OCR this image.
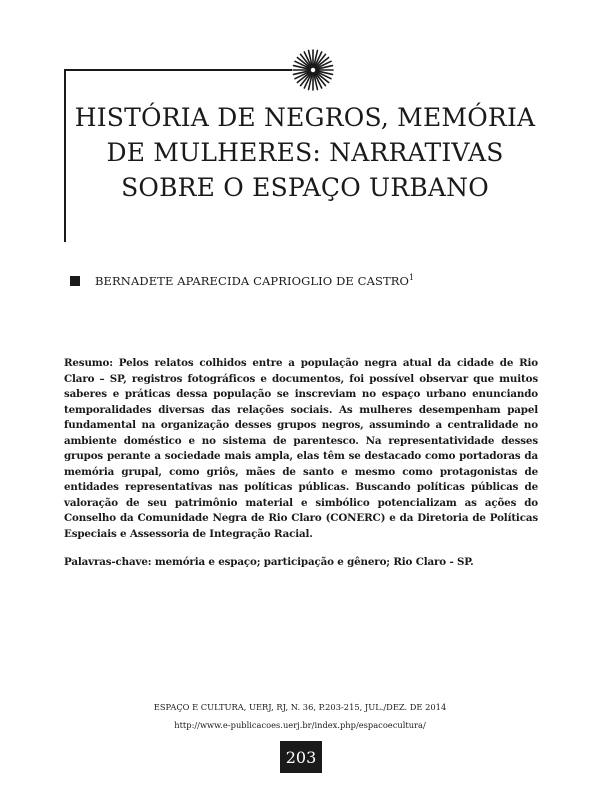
HISTÓRIA DE NEGROS, MEMÓRIA
DE MULHERES: NARRATIVAS
SOBRE O ESPAÇO URBANO
BERNADETE APARECIDA CAPRIOGLIO DE CASTRO$^1$

Resumo: Pelos relatos colhidos entre a população negra atual da cidade de Rio Claro – SP, registros fotográficos e documentos, foi possível observar que muitos saberes e práticas dessa população se inscreviam no espaço urbano enunciando temporalidades diversas das relações sociais. As mulheres desempenham papel fundamental na organização desses grupos negros, assumindo a centralidade no ambiente doméstico e no sistema de parentesco. Na representatividade desses grupos perante a sociedade mais ampla, elas têm se destacado como portadoras da memória grupal, como griôs, mães de santo e mesmo como protagonistas de entidades representativas nas políticas públicas. Buscando políticas públicas de valoração de seu patrimônio material e simbólico potencializam as ações do Conselho da Comunidade Negra de Rio Claro (CONERC) e da Diretoria de Políticas Especiais e Assessoria de Integração Racial.

Palavras-chave: memória e espaço; participação e gênero; Rio Claro - SP.

ESPAÇO E CULTURA, UERJ, RJ, N. 36, P.203-215, JUL./DEZ. DE 2014
http://www.e-publicacoes.uerj.br/index.php/espacoecultura/
203
